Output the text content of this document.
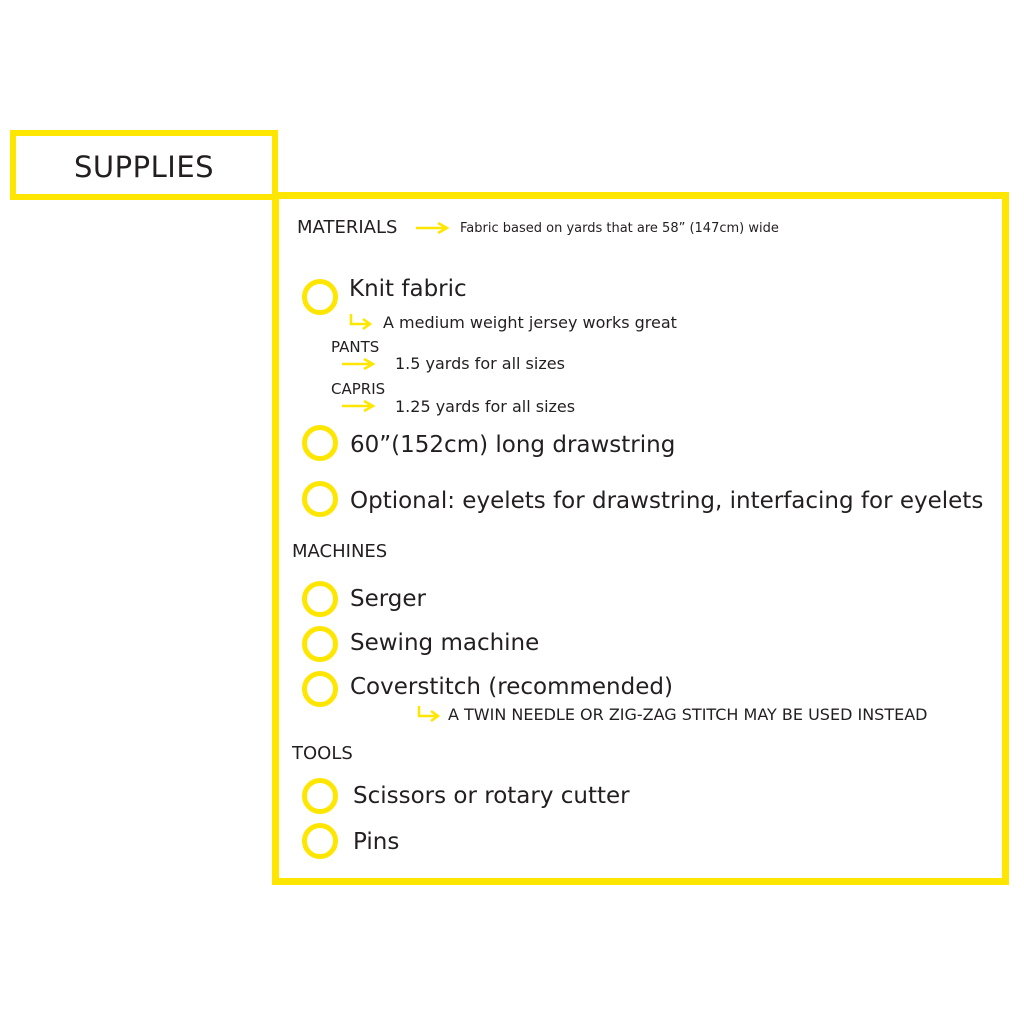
SUPPLIES
MATERIALS	Fabric based on yards that are 58” (147cm) wide
Knit fabric
A medium weight jersey works great
PANTS
1.5 yards for all sizes
CAPRIS
1.25 yards for all sizes
60”(152cm) long drawstring
Optional: eyelets for drawstring, interfacing for eyelets
MACHINES
Serger
Sewing machine
Coverstitch (recommended)
A TWIN NEEDLE OR ZIG-ZAG STITCH MAY BE USED INSTEAD
TOOLS
Scissors or rotary cutter
Pins
